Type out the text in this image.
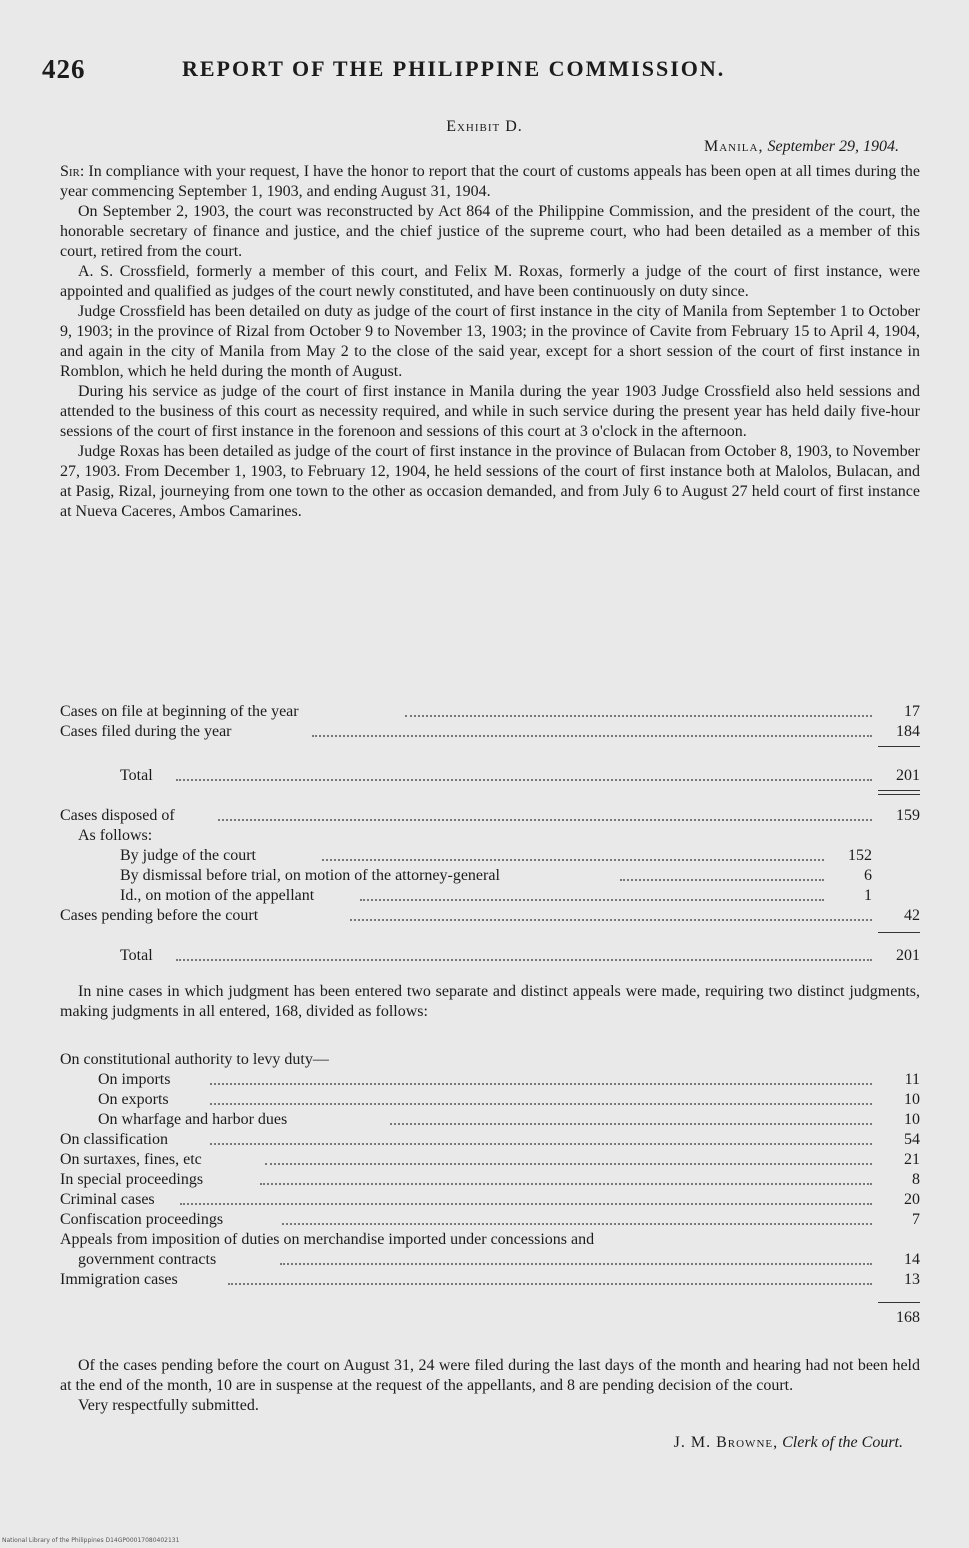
426	REPORT OF THE PHILIPPINE COMMISSION.
Exhibit D.
Manila, September 29, 1904.

Sir: In compliance with your request, I have the honor to report that the court of customs appeals has been open at all times during the year commencing September 1, 1903, and ending August 31, 1904.

On September 2, 1903, the court was reconstructed by Act 864 of the Philippine Commission, and the president of the court, the honorable secretary of finance and justice, and the chief justice of the supreme court, who had been detailed as a member of this court, retired from the court.

A. S. Crossfield, formerly a member of this court, and Felix M. Roxas, formerly a judge of the court of first instance, were appointed and qualified as judges of the court newly constituted, and have been continuously on duty since.

Judge Crossfield has been detailed on duty as judge of the court of first instance in the city of Manila from September 1 to October 9, 1903; in the province of Rizal from October 9 to November 13, 1903; in the province of Cavite from February 15 to April 4, 1904, and again in the city of Manila from May 2 to the close of the said year, except for a short session of the court of first instance in Romblon, which he held during the month of August.

During his service as judge of the court of first instance in Manila during the year 1903 Judge Crossfield also held sessions and attended to the business of this court as necessity required, and while in such service during the present year has held daily five-hour sessions of the court of first instance in the forenoon and sessions of this court at 3 o'clock in the afternoon.

Judge Roxas has been detailed as judge of the court of first instance in the province of Bulacan from October 8, 1903, to November 27, 1903. From December 1, 1903, to February 12, 1904, he held sessions of the court of first instance both at Malolos, Bulacan, and at Pasig, Rizal, journeying from one town to the other as occasion demanded, and from July 6 to August 27 held court of first instance at Nueva Caceres, Ambos Camarines.

Cases on file at beginning of the year	17
Cases filed during the year	184
Total	201
Cases disposed of	159
As follows:
By judge of the court	152
By dismissal before trial, on motion of the attorney-general	6
Id., on motion of the appellant	1
Cases pending before the court	42
Total	201

In nine cases in which judgment has been entered two separate and distinct appeals were made, requiring two distinct judgments, making judgments in all entered, 168, divided as follows:

On constitutional authority to levy duty—
On imports	11
On exports	10
On wharfage and harbor dues	10
On classification	54
On surtaxes, fines, etc	21
In special proceedings	8
Criminal cases	20
Confiscation proceedings	7
Appeals from imposition of duties on merchandise imported under concessions and
government contracts	14
Immigration cases	13
168

Of the cases pending before the court on August 31, 24 were filed during the last days of the month and hearing had not been held at the end of the month, 10 are in suspense at the request of the appellants, and 8 are pending decision of the court.

Very respectfully submitted.

J. M. Browne, Clerk of the Court.
National Library of the Philippines D14GP00017080402131
